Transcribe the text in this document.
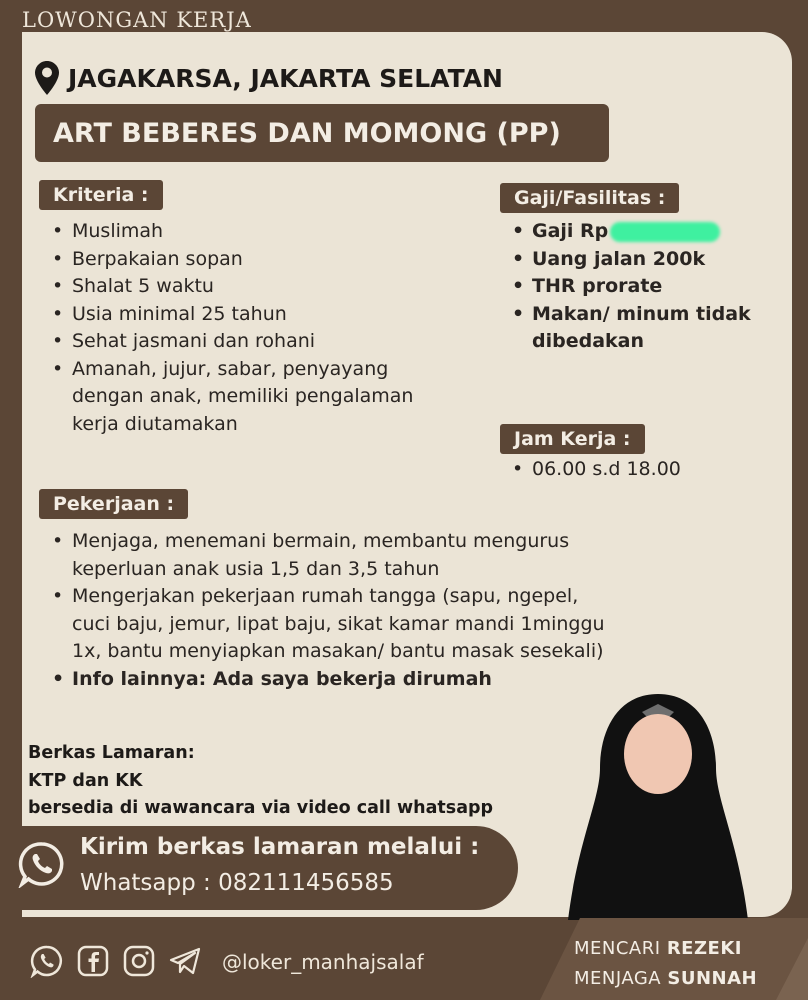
LOWONGAN KERJA
JAGAKARSA, JAKARTA SELATAN
ART BEBERES DAN MOMONG (PP)
Kriteria :
• Muslimah
• Berpakaian sopan
• Shalat 5 waktu
• Usia minimal 25 tahun
• Sehat jasmani dan rohani
• Amanah, jujur, sabar, penyayang dengan anak, memiliki pengalaman kerja diutamakan
Gaji/Fasilitas :
• Gaji Rp
• Uang jalan 200k
• THR prorate
• Makan/ minum tidak dibedakan
Jam Kerja :
• 06.00 s.d 18.00
Pekerjaan :
• Menjaga, menemani bermain, membantu mengurus keperluan anak usia 1,5 dan 3,5 tahun
• Mengerjakan pekerjaan rumah tangga (sapu, ngepel, cuci baju, jemur, lipat baju, sikat kamar mandi 1minggu 1x, bantu menyiapkan masakan/ bantu masak sesekali)
• Info lainnya: Ada saya bekerja dirumah
Berkas Lamaran:
KTP dan KK
bersedia di wawancara via video call whatsapp
Kirim berkas lamaran melalui :
Whatsapp : 082111456585
@loker_manhajsalaf
MENCARI REZEKI
MENJAGA SUNNAH
